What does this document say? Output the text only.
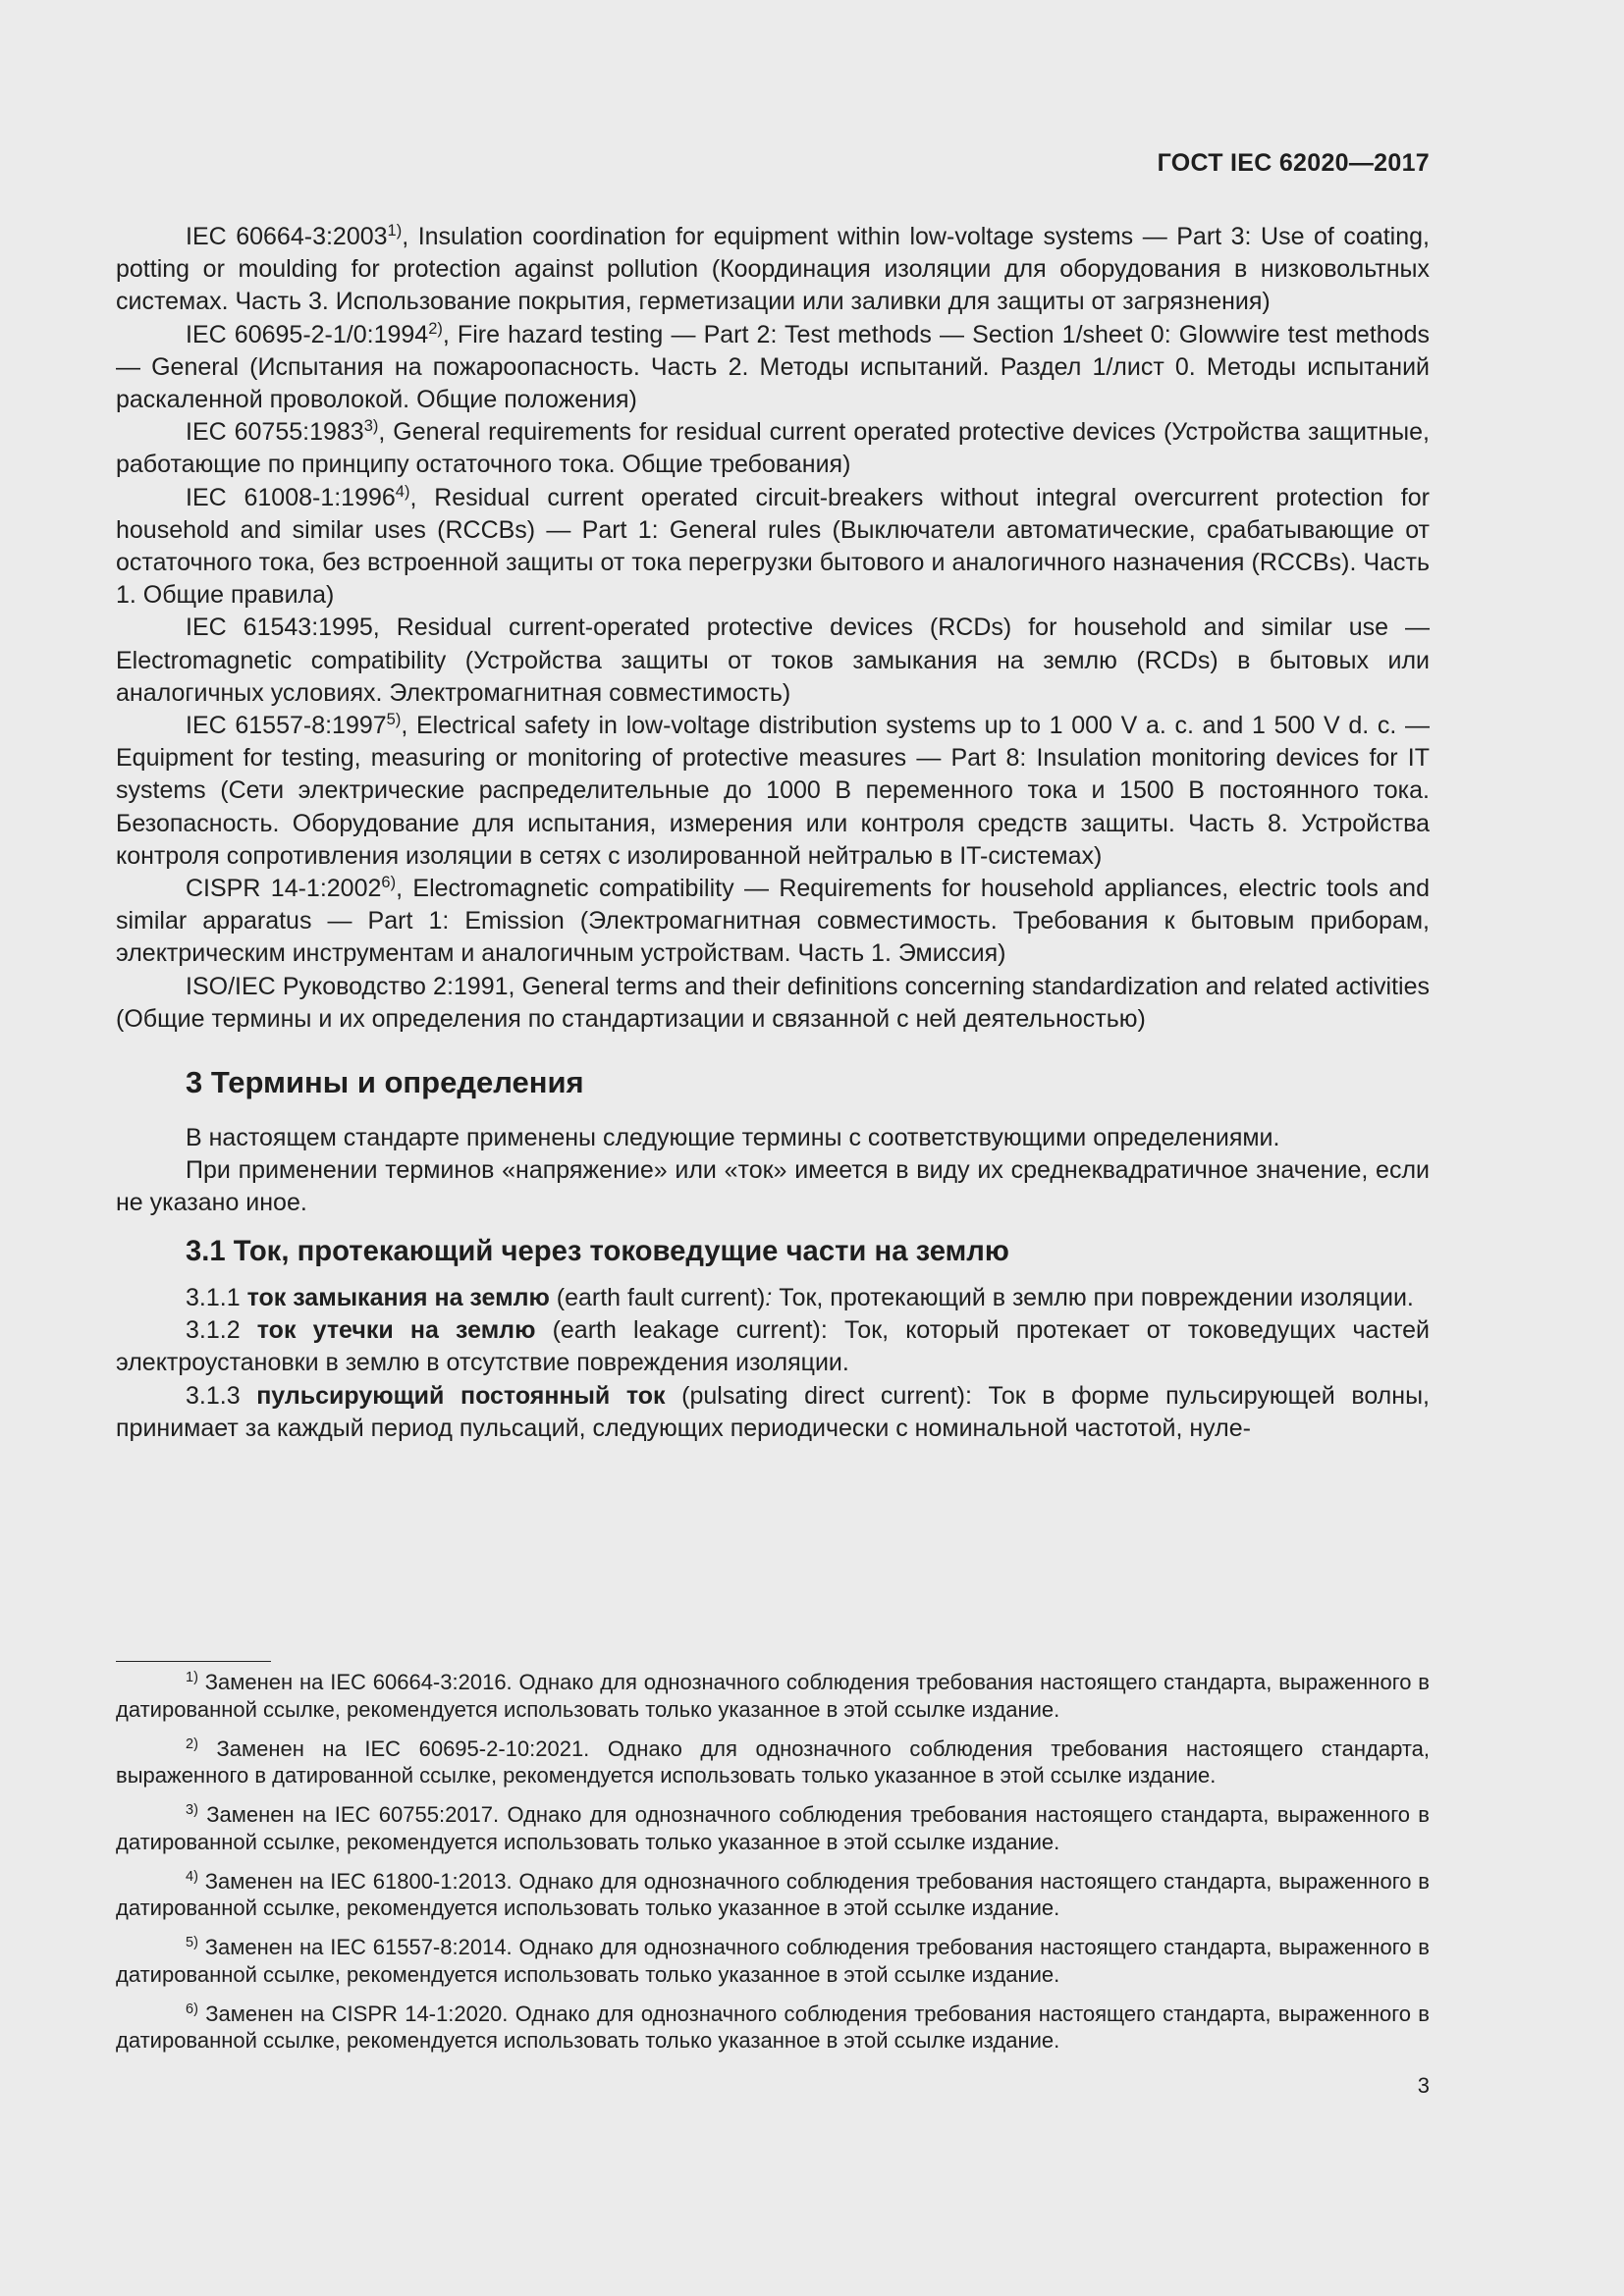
ГОСТ IEC 62020—2017

IEC 60664-3:2003$^{1)}$, Insulation coordination for equipment within low-voltage systems — Part 3: Use of coating, potting or moulding for protection against pollution (Координация изоляции для оборудования в низковольтных системах. Часть 3. Использование покрытия, герметизации или заливки для защиты от загрязнения)

IEC 60695-2-1/0:1994$^{2)}$, Fire hazard testing — Part 2: Test methods — Section 1/sheet 0: Glowwire test methods — General (Испытания на пожароопасность. Часть 2. Методы испытаний. Раздел 1/лист 0. Методы испытаний раскаленной проволокой. Общие положения)

IEC 60755:1983$^{3)}$, General requirements for residual current operated protective devices (Устройства защитные, работающие по принципу остаточного тока. Общие требования)

IEC 61008-1:1996$^{4)}$, Residual current operated circuit-breakers without integral overcurrent protection for household and similar uses (RCCBs) — Part 1: General rules (Выключатели автоматические, срабатывающие от остаточного тока, без встроенной защиты от тока перегрузки бытового и аналогичного назначения (RCCBs). Часть 1. Общие правила)

IEC 61543:1995, Residual current-operated protective devices (RCDs) for household and similar use — Electromagnetic compatibility (Устройства защиты от токов замыкания на землю (RCDs) в бытовых или аналогичных условиях. Электромагнитная совместимость)

IEC 61557-8:1997$^{5)}$, Electrical safety in low-voltage distribution systems up to 1 000 V a. c. and 1 500 V d. c. — Equipment for testing, measuring or monitoring of protective measures — Part 8: Insulation monitoring devices for IT systems (Сети электрические распределительные до 1000 В переменного тока и 1500 В постоянного тока. Безопасность. Оборудование для испытания, измерения или контроля средств защиты. Часть 8. Устройства контроля сопротивления изоляции в сетях с изолированной нейтралью в IT-системах)

CISPR 14-1:2002$^{6)}$, Electromagnetic compatibility — Requirements for household appliances, electric tools and similar apparatus — Part 1: Emission (Электромагнитная совместимость. Требования к бытовым приборам, электрическим инструментам и аналогичным устройствам. Часть 1. Эмиссия)

ISO/IEC Руководство 2:1991, General terms and their definitions concerning standardization and related activities (Общие термины и их определения по стандартизации и связанной с ней деятельностью)

3 Термины и определения

В настоящем стандарте применены следующие термины с соответствующими определениями.

При применении терминов «напряжение» или «ток» имеется в виду их среднеквадратичное значение, если не указано иное.

3.1 Ток, протекающий через токоведущие части на землю

3.1.1 ток замыкания на землю (earth fault current): Ток, протекающий в землю при повреждении изоляции.

3.1.2 ток утечки на землю (earth leakage current): Ток, который протекает от токоведущих частей электроустановки в землю в отсутствие повреждения изоляции.

3.1.3 пульсирующий постоянный ток (pulsating direct current): Ток в форме пульсирующей волны, принимает за каждый период пульсаций, следующих периодически с номинальной частотой, нуле-

$^{1)}$ Заменен на IEC 60664-3:2016. Однако для однозначного соблюдения требования настоящего стандарта, выраженного в датированной ссылке, рекомендуется использовать только указанное в этой ссылке издание.

$^{2)}$ Заменен на IEC 60695-2-10:2021. Однако для однозначного соблюдения требования настоящего стандарта, выраженного в датированной ссылке, рекомендуется использовать только указанное в этой ссылке издание.

$^{3)}$ Заменен на IEC 60755:2017. Однако для однозначного соблюдения требования настоящего стандарта, выраженного в датированной ссылке, рекомендуется использовать только указанное в этой ссылке издание.

$^{4)}$ Заменен на IEC 61800-1:2013. Однако для однозначного соблюдения требования настоящего стандарта, выраженного в датированной ссылке, рекомендуется использовать только указанное в этой ссылке издание.

$^{5)}$ Заменен на IEC 61557-8:2014. Однако для однозначного соблюдения требования настоящего стандарта, выраженного в датированной ссылке, рекомендуется использовать только указанное в этой ссылке издание.

$^{6)}$ Заменен на CISPR 14-1:2020. Однако для однозначного соблюдения требования настоящего стандарта, выраженного в датированной ссылке, рекомендуется использовать только указанное в этой ссылке издание.

3
